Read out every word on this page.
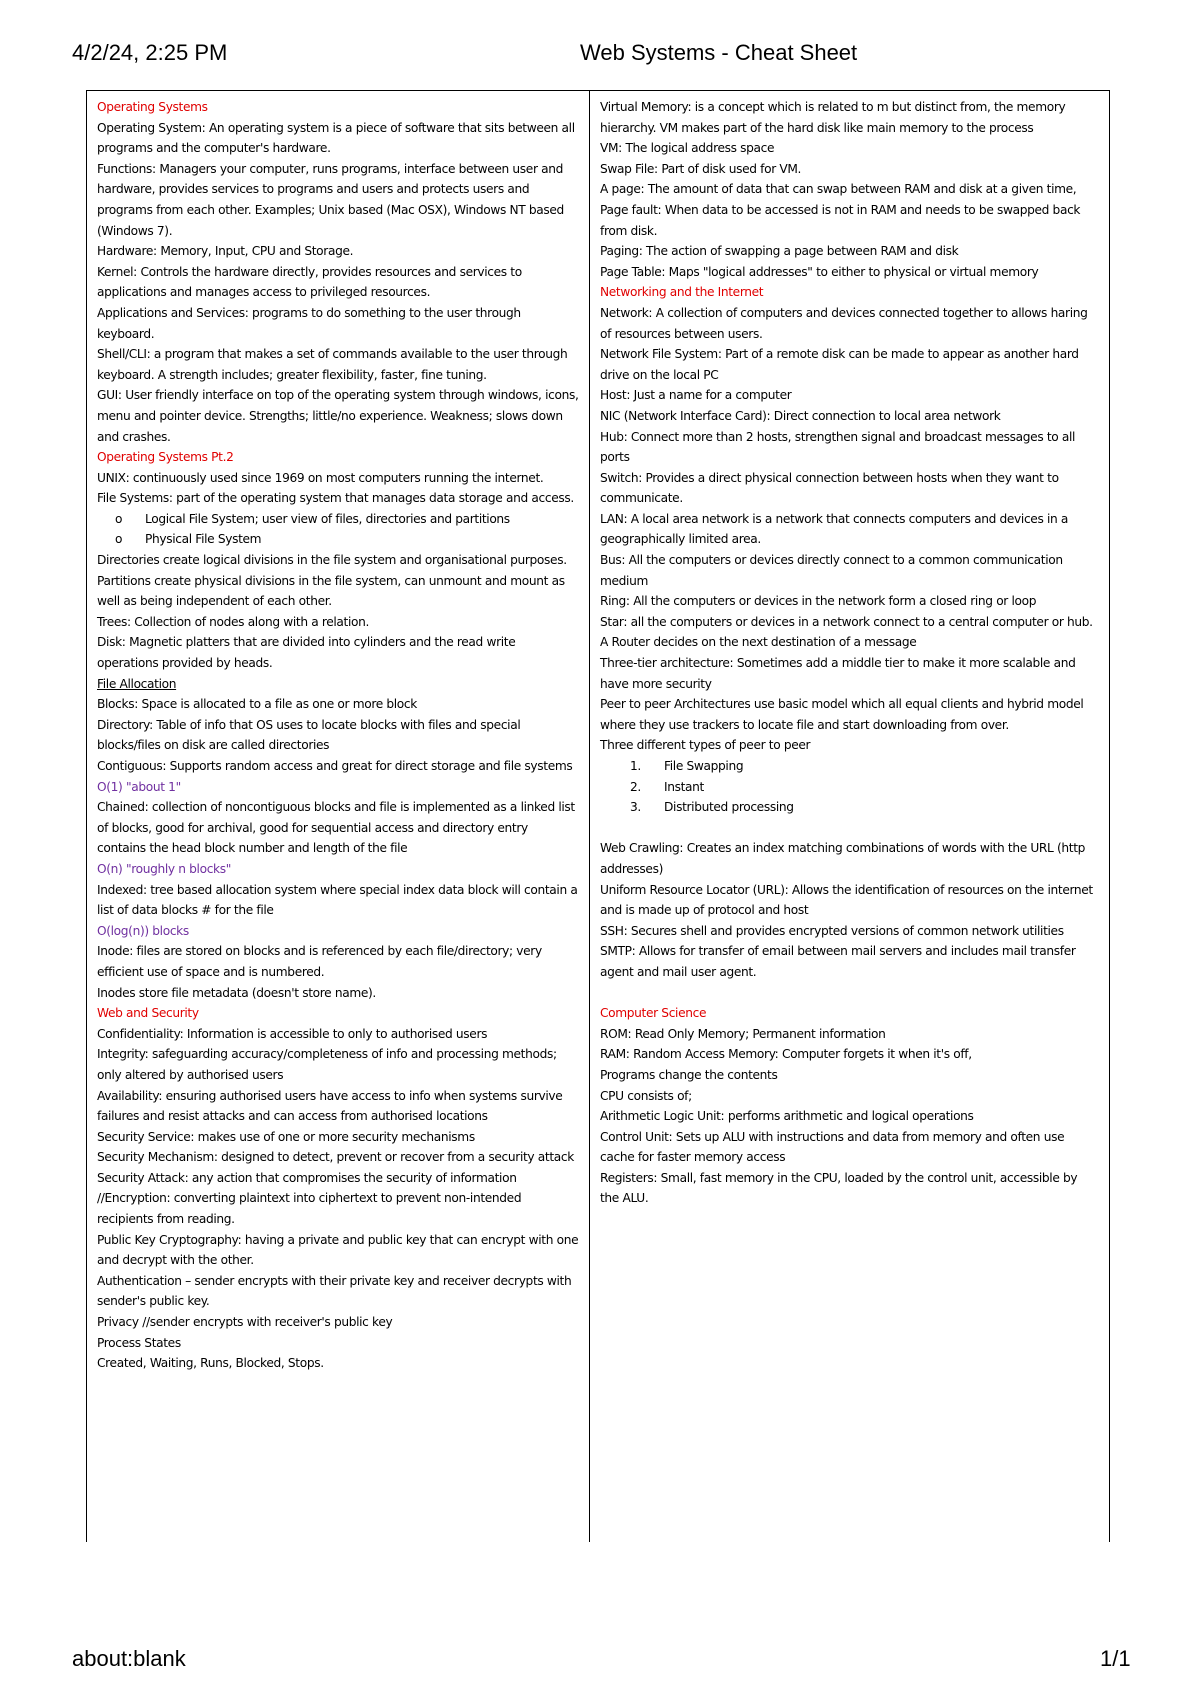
4/2/24, 2:25 PM	Web Systems - Cheat Sheet
Operating Systems
Operating System: An operating system is a piece of software that sits between all programs and the computer's hardware.
Functions: Managers your computer, runs programs, interface between user and hardware, provides services to programs and users and protects users and programs from each other. Examples; Unix based (Mac OSX), Windows NT based (Windows 7).
Hardware: Memory, Input, CPU and Storage.
Kernel: Controls the hardware directly, provides resources and services to applications and manages access to privileged resources.
Applications and Services: programs to do something to the user through keyboard.
Shell/CLI: a program that makes a set of commands available to the user through keyboard. A strength includes; greater flexibility, faster, fine tuning.
GUI: User friendly interface on top of the operating system through windows, icons, menu and pointer device. Strengths; little/no experience. Weakness; slows down and crashes.
Operating Systems Pt.2
UNIX: continuously used since 1969 on most computers running the internet.
File Systems: part of the operating system that manages data storage and access.
o Logical File System; user view of files, directories and partitions
o Physical File System
Directories create logical divisions in the file system and organisational purposes.
Partitions create physical divisions in the file system, can unmount and mount as well as being independent of each other.
Trees: Collection of nodes along with a relation.
Disk: Magnetic platters that are divided into cylinders and the read write operations provided by heads.
File Allocation
Blocks: Space is allocated to a file as one or more block
Directory: Table of info that OS uses to locate blocks with files and special blocks/files on disk are called directories
Contiguous: Supports random access and great for direct storage and file systems
O(1) "about 1"
Chained: collection of noncontiguous blocks and file is implemented as a linked list of blocks, good for archival, good for sequential access and directory entry contains the head block number and length of the file
O(n) "roughly n blocks"
Indexed: tree based allocation system where special index data block will contain a list of data blocks # for the file
O(log(n)) blocks
Inode: files are stored on blocks and is referenced by each file/directory; very efficient use of space and is numbered.
Inodes store file metadata (doesn't store name).
Web and Security
Confidentiality: Information is accessible to only to authorised users
Integrity: safeguarding accuracy/completeness of info and processing methods; only altered by authorised users
Availability: ensuring authorised users have access to info when systems survive failures and resist attacks and can access from authorised locations
Security Service: makes use of one or more security mechanisms
Security Mechanism: designed to detect, prevent or recover from a security attack
Security Attack: any action that compromises the security of information //Encryption: converting plaintext into ciphertext to prevent non-intended recipients from reading.
Public Key Cryptography: having a private and public key that can encrypt with one and decrypt with the other.
Authentication – sender encrypts with their private key and receiver decrypts with sender's public key.
Privacy //sender encrypts with receiver's public key
Process States
Created, Waiting, Runs, Blocked, Stops.
Virtual Memory: is a concept which is related to m but distinct from, the memory hierarchy. VM makes part of the hard disk like main memory to the process
VM: The logical address space
Swap File: Part of disk used for VM.
A page: The amount of data that can swap between RAM and disk at a given time,
Page fault: When data to be accessed is not in RAM and needs to be swapped back from disk.
Paging: The action of swapping a page between RAM and disk
Page Table: Maps "logical addresses" to either to physical or virtual memory
Networking and the Internet
Network: A collection of computers and devices connected together to allows haring of resources between users.
Network File System: Part of a remote disk can be made to appear as another hard drive on the local PC
Host: Just a name for a computer
NIC (Network Interface Card): Direct connection to local area network
Hub: Connect more than 2 hosts, strengthen signal and broadcast messages to all ports
Switch: Provides a direct physical connection between hosts when they want to communicate.
LAN: A local area network is a network that connects computers and devices in a geographically limited area.
Bus: All the computers or devices directly connect to a common communication medium
Ring: All the computers or devices in the network form a closed ring or loop
Star: all the computers or devices in a network connect to a central computer or hub.
A Router decides on the next destination of a message
Three-tier architecture: Sometimes add a middle tier to make it more scalable and have more security
Peer to peer Architectures use basic model which all equal clients and hybrid model where they use trackers to locate file and start downloading from over.
Three different types of peer to peer
1. File Swapping
2. Instant
3. Distributed processing
Web Crawling: Creates an index matching combinations of words with the URL (http addresses)
Uniform Resource Locator (URL): Allows the identification of resources on the internet and is made up of protocol and host
SSH: Secures shell and provides encrypted versions of common network utilities
SMTP: Allows for transfer of email between mail servers and includes mail transfer agent and mail user agent.
Computer Science
ROM: Read Only Memory; Permanent information
RAM: Random Access Memory: Computer forgets it when it's off,
Programs change the contents
CPU consists of;
Arithmetic Logic Unit: performs arithmetic and logical operations
Control Unit: Sets up ALU with instructions and data from memory and often use cache for faster memory access
Registers: Small, fast memory in the CPU, loaded by the control unit, accessible by the ALU.
about:blank	1/1
